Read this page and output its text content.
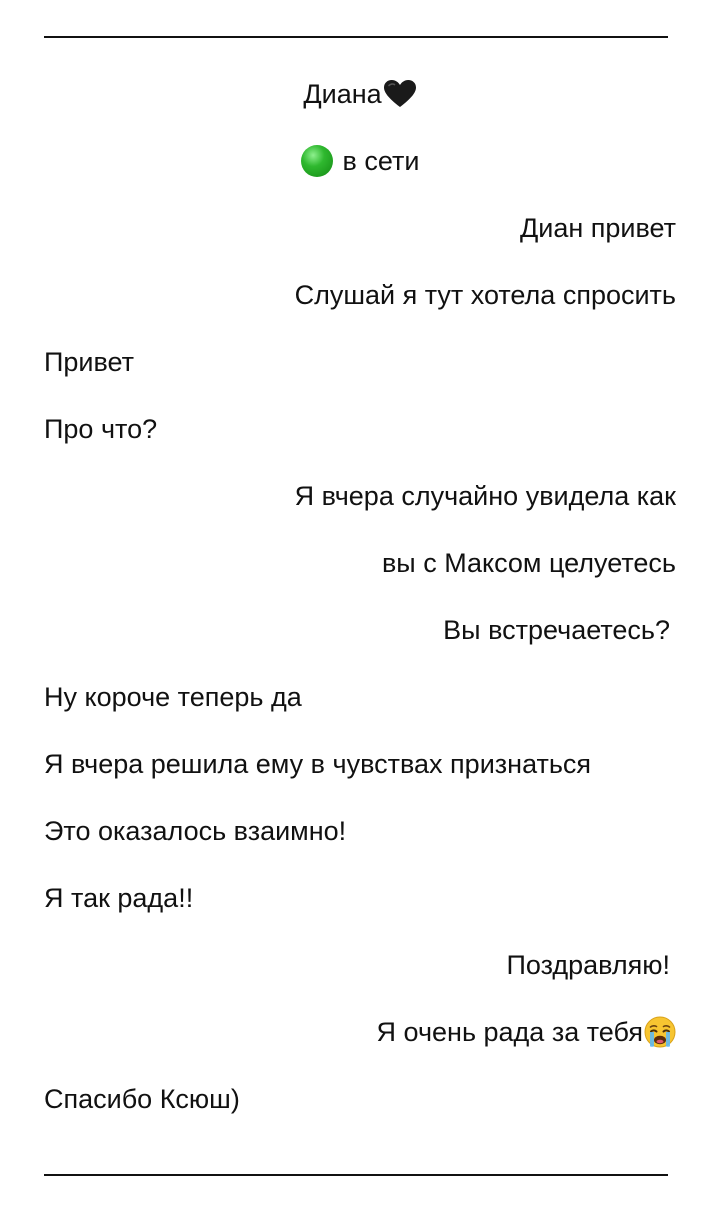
Диана
в сети
Диан привет
Слушай я тут хотела спросить
Привет
Про что?
Я вчера случайно увидела как
вы с Максом целуетесь
Вы встречаетесь?
Ну короче теперь да
Я вчера решила ему в чувствах признаться
Это оказалось взаимно!
Я так рада!!
Поздравляю!
Я очень рада за тебя
Спасибо Ксюш)
